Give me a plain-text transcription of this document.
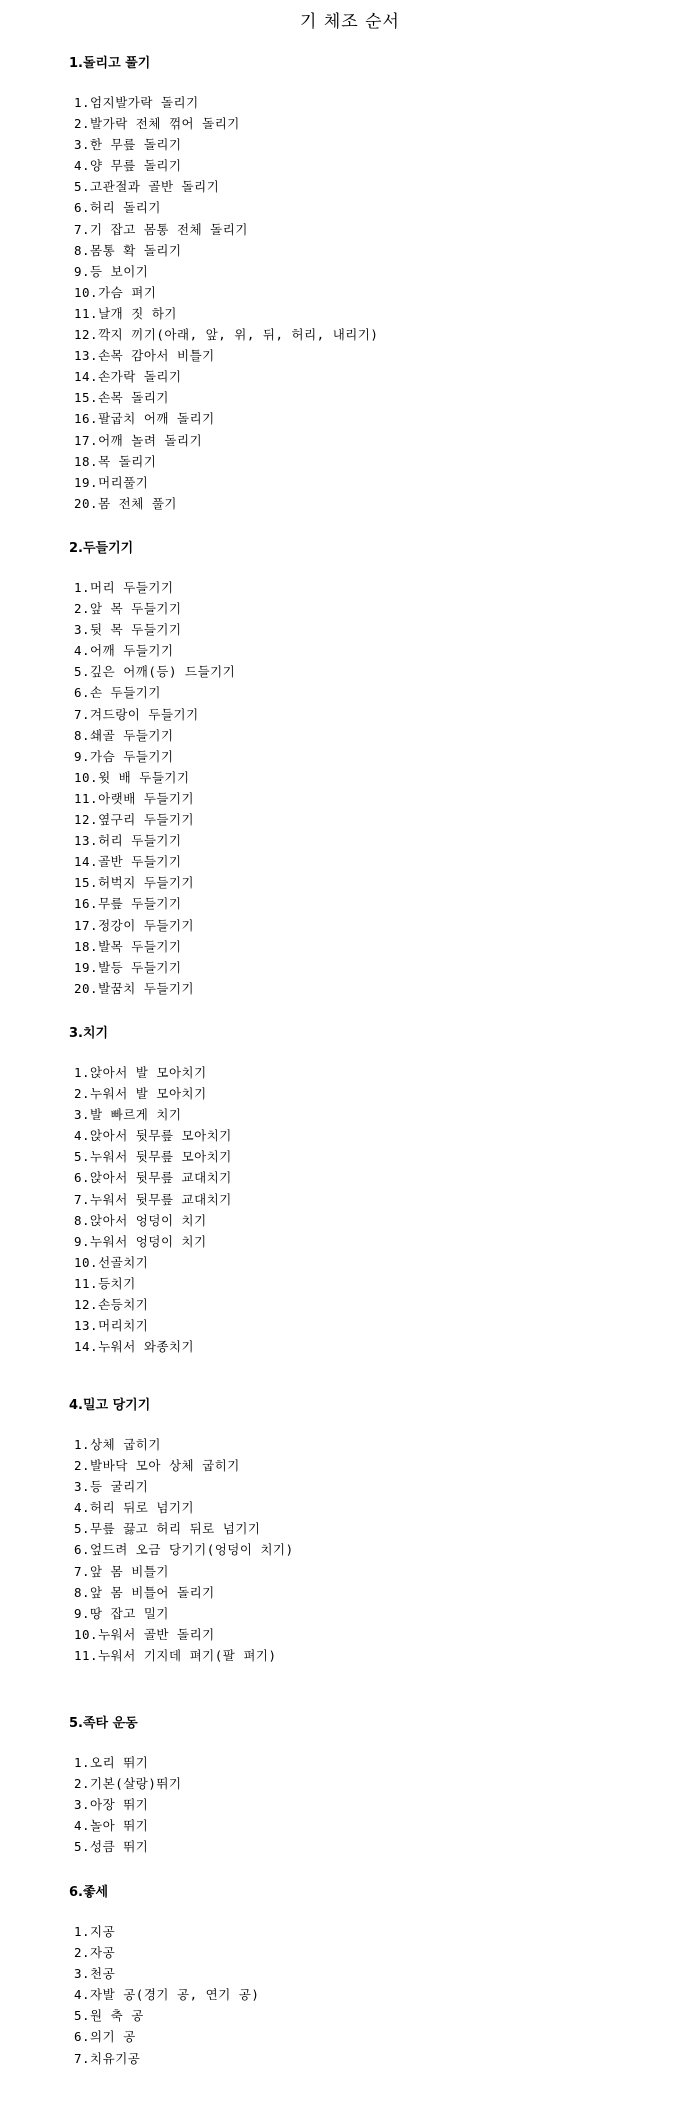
기 체조 순서
1.돌리고 풀기
1.엄지발가락 돌리기
2.발가락 전체 꺾어 돌리기
3.한 무릎 돌리기
4.양 무릎 돌리기
5.고관절과 골반 돌리기
6.허리 돌리기
7.기 잡고 몸통 전체 돌리기
8.몸통 확 돌리기
9.등 보이기
10.가슴 펴기
11.날개 짓 하기
12.깍지 끼기(아래, 앞, 위, 뒤, 허리, 내리기)
13.손목 감아서 비틀기
14.손가락 돌리기
15.손목 돌리기
16.팔굽치 어깨 돌리기
17.어깨 놀려 돌리기
18.목 돌리기
19.머리풀기
20.몸 전체 풀기
2.두들기기
1.머리 두들기기
2.앞 목 두들기기
3.뒷 목 두들기기
4.어깨 두들기기
5.깊은 어깨(등) 드들기기
6.손 두들기기
7.겨드랑이 두들기기
8.쇄골 두들기기
9.가슴 두들기기
10.윗 배 두들기기
11.아랫배 두들기기
12.옆구리 두들기기
13.허리 두들기기
14.골반 두들기기
15.허벅지 두들기기
16.무릎 두들기기
17.정강이 두들기기
18.발목 두들기기
19.발등 두들기기
20.발꿈치 두들기기
3.치기
1.앉아서 발 모아치기
2.누워서 발 모아치기
3.발 빠르게 치기
4.앉아서 뒷무릎 모아치기
5.누워서 뒷무릎 모아치기
6.앉아서 뒷무릎 교대치기
7.누워서 뒷무릎 교대치기
8.앉아서 엉덩이 치기
9.누워서 엉덩이 치기
10.선골치기
11.등치기
12.손등치기
13.머리치기
14.누워서 와종치기
4.밀고 당기기
1.상체 굽히기
2.발바닥 모아 상체 굽히기
3.등 굴리기
4.허리 뒤로 넘기기
5.무릎 끓고 허리 뒤로 넘기기
6.엎드려 오금 당기기(엉덩이 치기)
7.앞 몸 비틀기
8.앞 몸 비틀어 돌리기
9.땅 잡고 밀기
10.누워서 골반 돌리기
11.누워서 기지데 펴기(팔 펴기)
5.족타 운동
1.오리 뛰기
2.기본(살랑)뛰기
3.아장 뛰기
4.놀아 뛰기
5.성큼 뛰기
6.좋세
1.지공
2.자공
3.천공
4.자발 공(경기 공, 연기 공)
5.원 축 공
6.의기 공
7.치유기공
